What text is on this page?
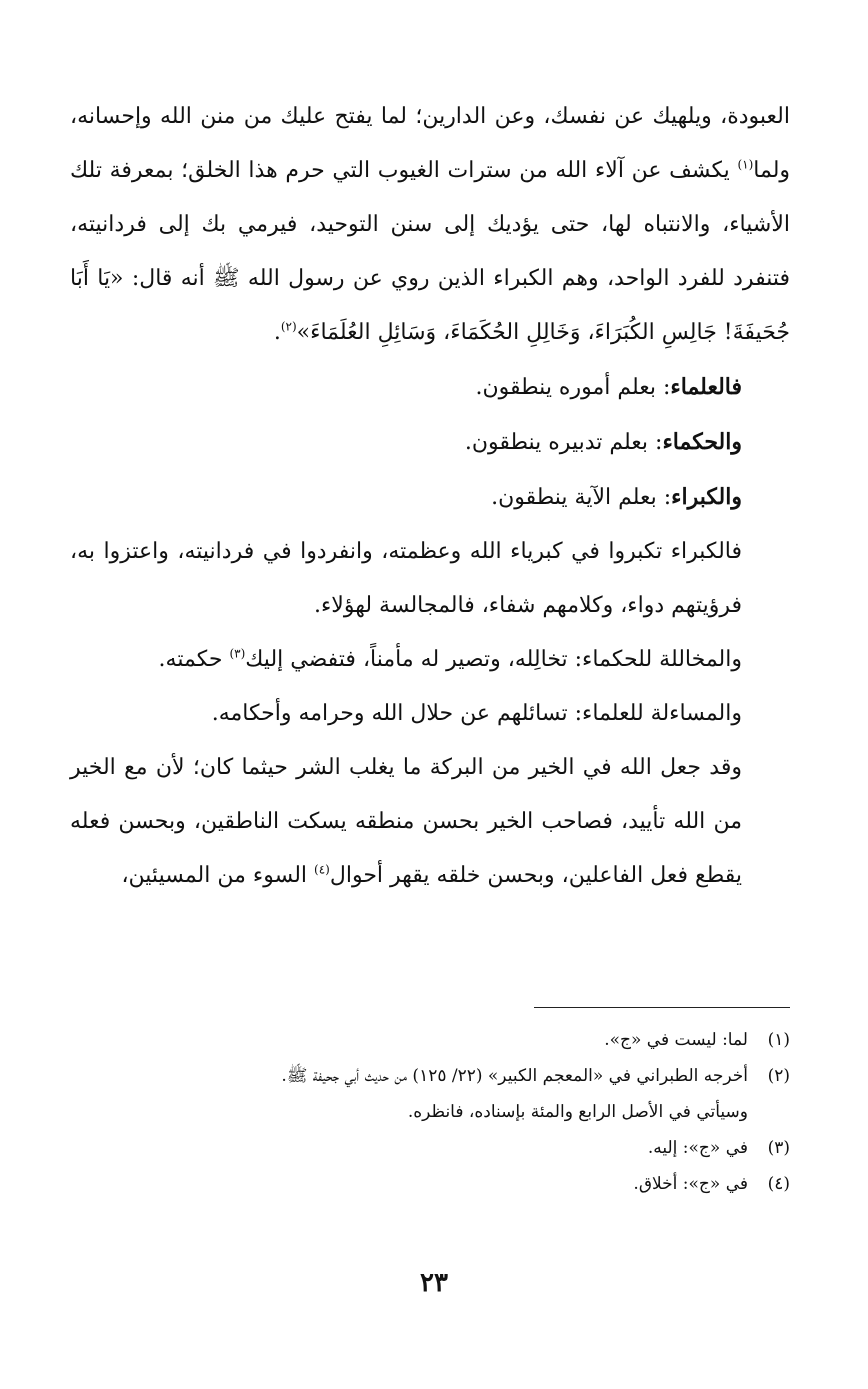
العبودة، ويلهيك عن نفسك، وعن الدارين؛ لما يفتح عليك من منن الله وإحسانه، ولما$^{(١)}$ يكشف عن آلاء الله من سترات الغيوب التي حرم هذا الخلق؛ بمعرفة تلك الأشياء، والانتباه لها، حتى يؤديك إلى سنن التوحيد، فيرمي بك إلى فردانيته، فتنفرد للفرد الواحد، وهم الكبراء الذين روي عن رسول الله ﷺ أنه قال: «يَا أَبَا جُحَيفَةَ! جَالِسِ الكُبَرَاءَ، وَخَالِلِ الحُكَمَاءَ، وَسَائِلِ العُلَمَاءَ»$^{(٢)}$.

فالعلماء: بعلم أموره ينطقون.

والحكماء: بعلم تدبيره ينطقون.

والكبراء: بعلم الآية ينطقون.

فالكبراء تكبروا في كبرياء الله وعظمته، وانفردوا في فردانيته، واعتزوا به، فرؤيتهم دواء، وكلامهم شفاء، فالمجالسة لهؤلاء.

والمخاللة للحكماء: تخالِله، وتصير له مأمناً، فتفضي إليك$^{(٣)}$ حكمته.

والمساءلة للعلماء: تسائلهم عن حلال الله وحرامه وأحكامه.

وقد جعل الله في الخير من البركة ما يغلب الشر حيثما كان؛ لأن مع الخير من الله تأييد، فصاحب الخير بحسن منطقه يسكت الناطقين، وبحسن فعله يقطع فعل الفاعلين، وبحسن خلقه يقهر أحوال$^{(٤)}$ السوء من المسيئين،

(١)
لما: ليست في «ج».
(٢)
أخرجه الطبراني في «المعجم الكبير» (٢٢/ ١٢٥) من حديث أبي جحيفة ﷺ.
وسيأتي في الأصل الرابع والمئة بإسناده، فانظره.
(٣)
في «ج»: إليه.
(٤)
في «ج»: أخلاق.
٢٣
